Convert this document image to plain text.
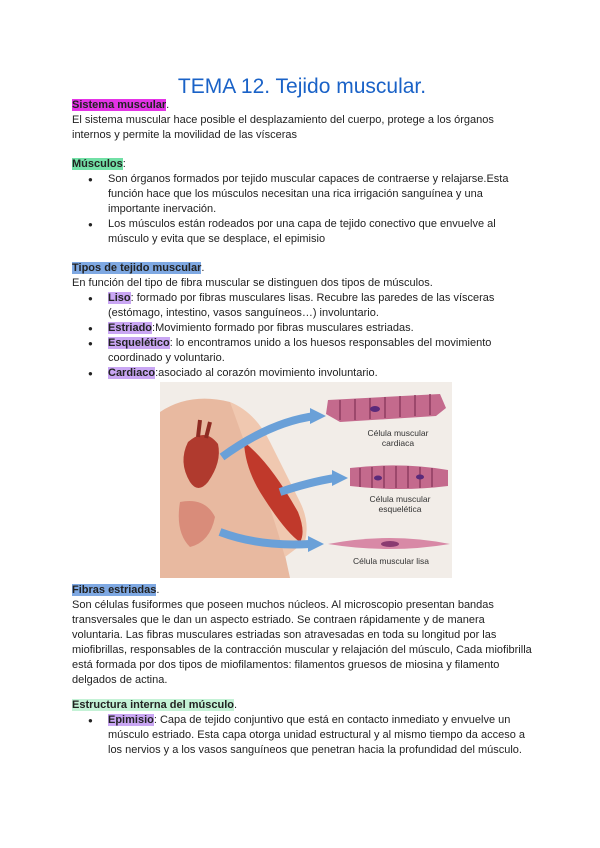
TEMA 12. Tejido muscular.

Sistema muscular.

El sistema muscular hace posible el desplazamiento del cuerpo, protege a los órganos internos y permite la movilidad de las vísceras

Músculos:

● Son órganos formados por tejido muscular capaces de contraerse y relajarse.Esta función hace que los músculos necesitan una rica irrigación sanguínea y una importante inervación.
● Los músculos están rodeados por una capa de tejido conectivo que envuelve al músculo y evita que se desplace, el epimisio

Tipos de tejido muscular.

En función del tipo de fibra muscular se distinguen dos tipos de músculos.

● Liso: formado por fibras musculares lisas. Recubre las paredes de las vísceras (estómago, intestino, vasos sanguíneos…) involuntario.
● Estriado:Movimiento formado por fibras musculares estriadas.
● Esquelético: lo encontramos unido a los huesos responsables del movimiento coordinado y voluntario.
● Cardiaco:asociado al corazón movimiento involuntario.
Célula muscular cardiaca
Célula muscular esquelética
Célula muscular lisa

Fibras estriadas.

Son células fusiformes que poseen muchos núcleos. Al microscopio presentan bandas transversales que le dan un aspecto estriado. Se contraen rápidamente y de manera voluntaria. Las fibras musculares estriadas son atravesadas en toda su longitud por las miofibrillas, responsables de la contracción muscular y relajación del músculo, Cada miofibrilla está formada por dos tipos de miofilamentos: filamentos gruesos de miosina y filamento delgados de actina.

Estructura interna del músculo.

● Epimisio: Capa de tejido conjuntivo que está en contacto inmediato y envuelve un músculo estriado. Esta capa otorga unidad estructural y al mismo tiempo da acceso a los nervios y a los vasos sanguíneos que penetran hacia la profundidad del músculo.
